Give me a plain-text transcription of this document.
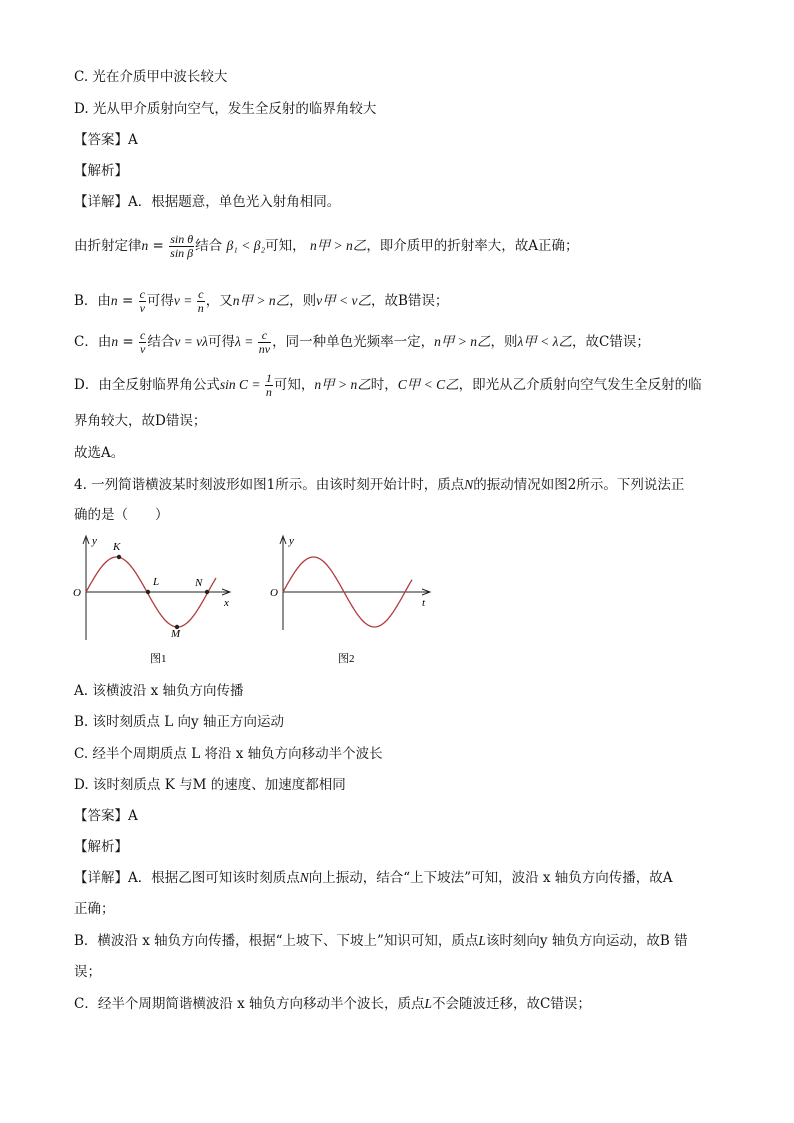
C. 光在介质甲中波长较大
D. 光从甲介质射向空气，发生全反射的临界角较大
【答案】A
【解析】
【详解】A．根据题意，单色光入射角相同。
由折射定律$n = \frac{\text{sin θ}}{\text{sin β}}$ 结合 β₁ < β₂可知， n甲 > n乙，即介质甲的折射率大，故A正确；
B．由$n = \frac{c}{v}$ 可得$v = \frac{c}{n}$ ，又n甲 > n乙，则v甲 < v乙，故B错误；
C．由$n = \frac{c}{v}$ 结合v = νλ可得$\lambda = \frac{c}{n\nu}$ ，同一种单色光频率一定，n甲 > n乙，则λ甲 < λ乙，故C错误；
D．由全反射临界角公式$\sin C = \frac{1}{n}$ 可知，n甲 > n乙时，C甲 < C乙，即光从乙介质射向空气发生全反射的临
界角较大，故D错误；
故选A。
4. 一列简谐横波某时刻波形如图1所示。由该时刻开始计时，质点N的振动情况如图2所示。下列说法正
确的是（　　）
y
x
O
K
L	N
M
图1
y
t
O
图2
A. 该横波沿 x 轴负方向传播
B. 该时刻质点 L 向y 轴正方向运动
C. 经半个周期质点 L 将沿 x 轴负方向移动半个波长
D. 该时刻质点 K 与M 的速度、加速度都相同
【答案】A
【解析】
【详解】A．根据乙图可知该时刻质点N向上振动，结合“上下坡法”可知，波沿 x 轴负方向传播，故A
正确；
B．横波沿 x 轴负方向传播，根据“上坡下、下坡上”知识可知，质点L该时刻向y 轴负方向运动，故B 错
误；
C．经半个周期简谐横波沿 x 轴负方向移动半个波长，质点L不会随波迁移，故C错误；
